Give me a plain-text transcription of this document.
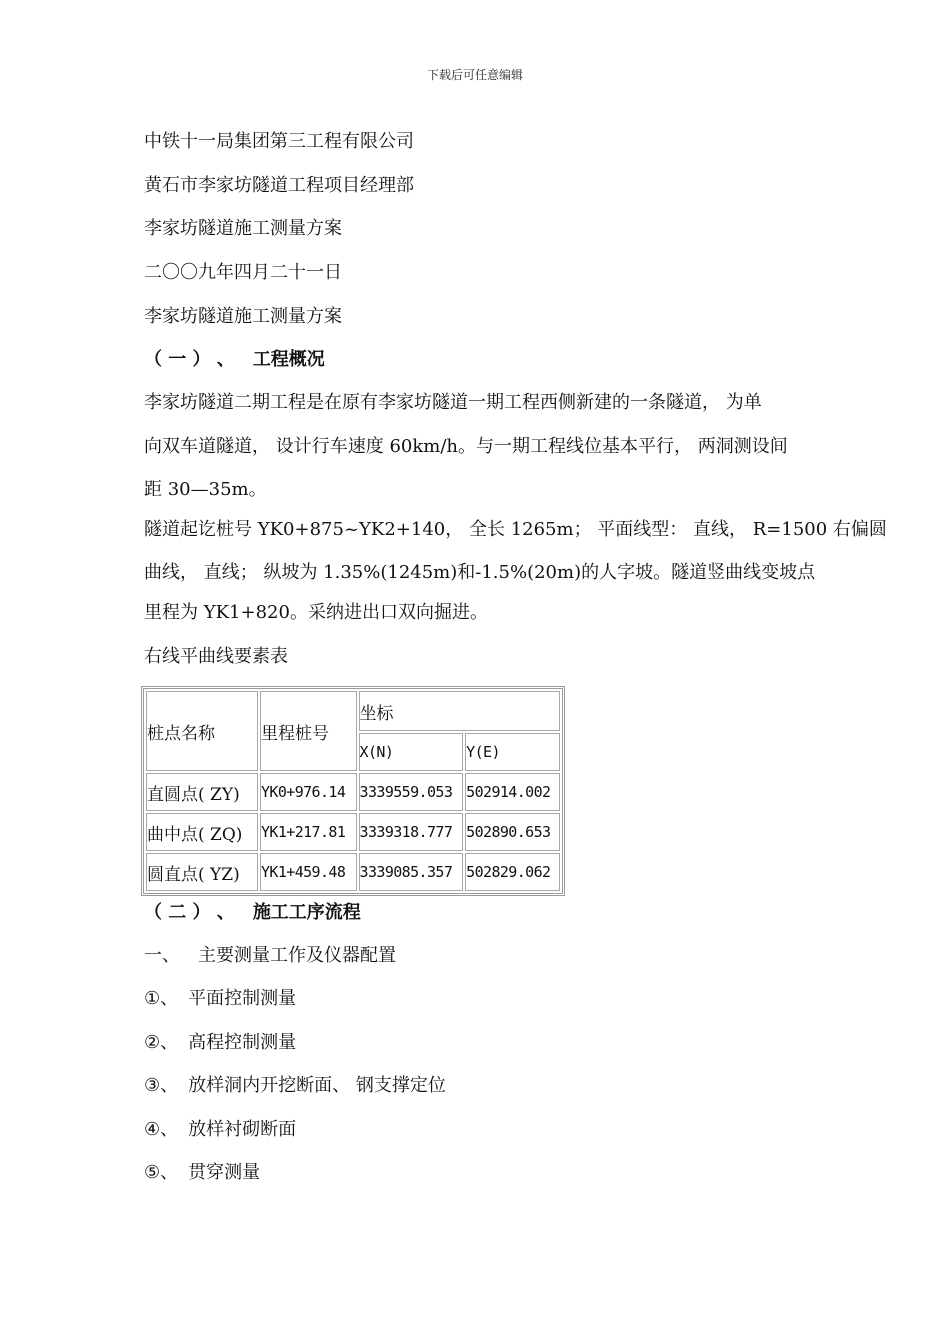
下载后可任意编辑
中铁十一局集团第三工程有限公司
黄石市李家坊隧道工程项目经理部
李家坊隧道施工测量方案
二〇〇九年四月二十一日
李家坊隧道施工测量方案
（ 一 ） 、 工程概况
李家坊隧道二期工程是在原有李家坊隧道一期工程西侧新建的一条隧道， 为单
向双车道隧道， 设计行车速度 60km/h。与一期工程线位基本平行， 两洞测设间
距 30—35m。
隧道起讫桩号 YK0+875~YK2+140， 全长 1265m； 平面线型： 直线， R=1500 右偏圆
曲线， 直线； 纵坡为 1.35%(1245m)和-1.5%(20m)的人字坡。隧道竖曲线变坡点
里程为 YK1+820。采纳进出口双向掘进。
右线平曲线要素表
桩点名称	里程桩号	坐标	
		X(N)	Y(E)
直圆点( ZY)	YK0+976.14	3339559.053	502914.002
曲中点( ZQ)	YK1+217.81	3339318.777	502890.653
圆直点( YZ)	YK1+459.48	3339085.357	502829.062
（ 二 ） 、 施工工序流程
一、 主要测量工作及仪器配置
①、 平面控制测量
②、 高程控制测量
③、 放样洞内开挖断面、 钢支撑定位
④、 放样衬砌断面
⑤、 贯穿测量
